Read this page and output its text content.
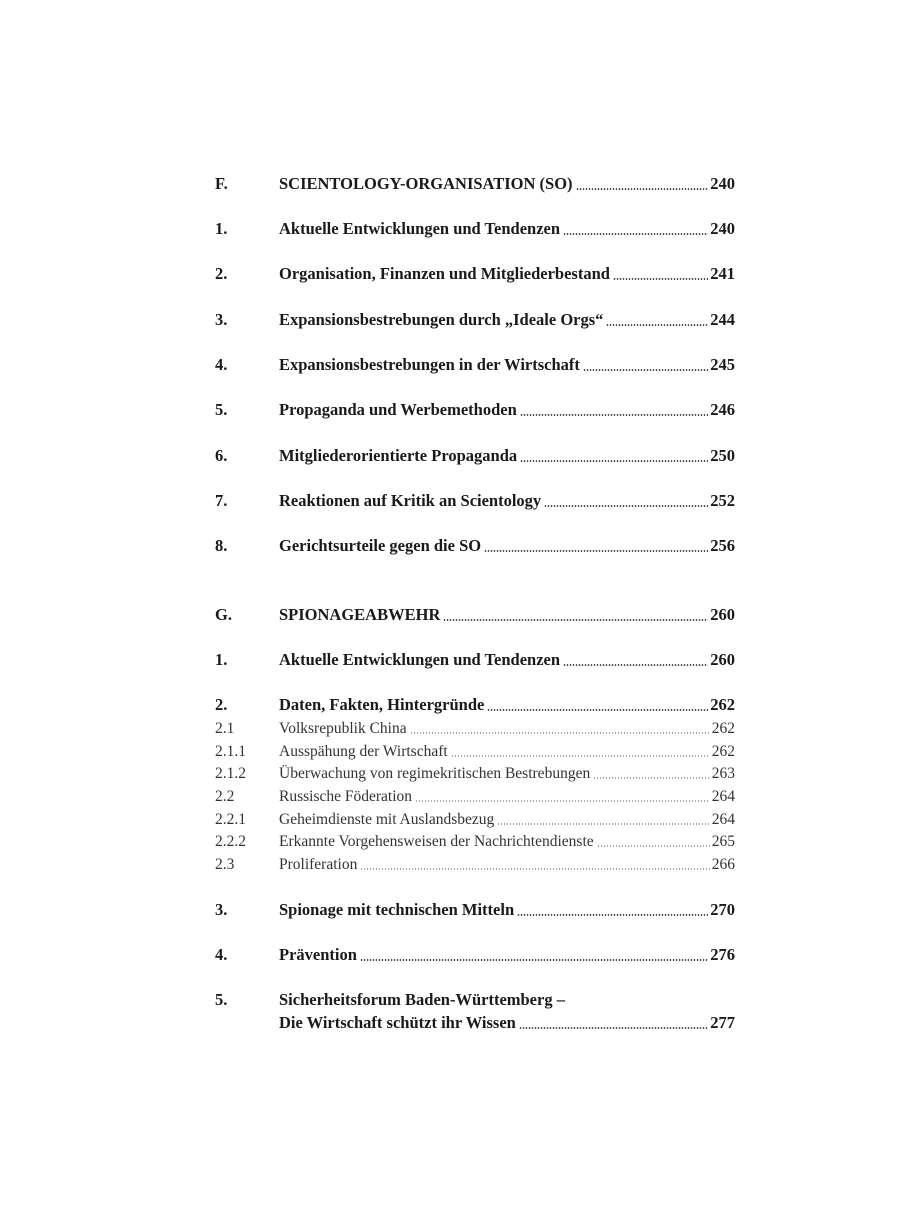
F.	SCIENTOLOGY-ORGANISATION (SO)	240
1.	Aktuelle Entwicklungen und Tendenzen	240
2.	Organisation, Finanzen und Mitgliederbestand	241
3.	Expansionsbestrebungen durch „Ideale Orgs“	244
4.	Expansionsbestrebungen in der Wirtschaft	245
5.	Propaganda und Werbemethoden	246
6.	Mitgliederorientierte Propaganda	250
7.	Reaktionen auf Kritik an Scientology	252
8.	Gerichtsurteile gegen die SO	256
G.	SPIONAGEABWEHR	260
1.	Aktuelle Entwicklungen und Tendenzen	260
2.	Daten, Fakten, Hintergründe	262
2.1	Volksrepublik China	262
2.1.1	Ausspähung der Wirtschaft	262
2.1.2	Überwachung von regimekritischen Bestrebungen	263
2.2	Russische Föderation	264
2.2.1	Geheimdienste mit Auslandsbezug	264
2.2.2	Erkannte Vorgehensweisen der Nachrichtendienste	265
2.3	Proliferation	266
3.	Spionage mit technischen Mitteln	270
4.	Prävention	276
5.	Sicherheitsforum Baden-Württemberg –
Die Wirtschaft schützt ihr Wissen	277
